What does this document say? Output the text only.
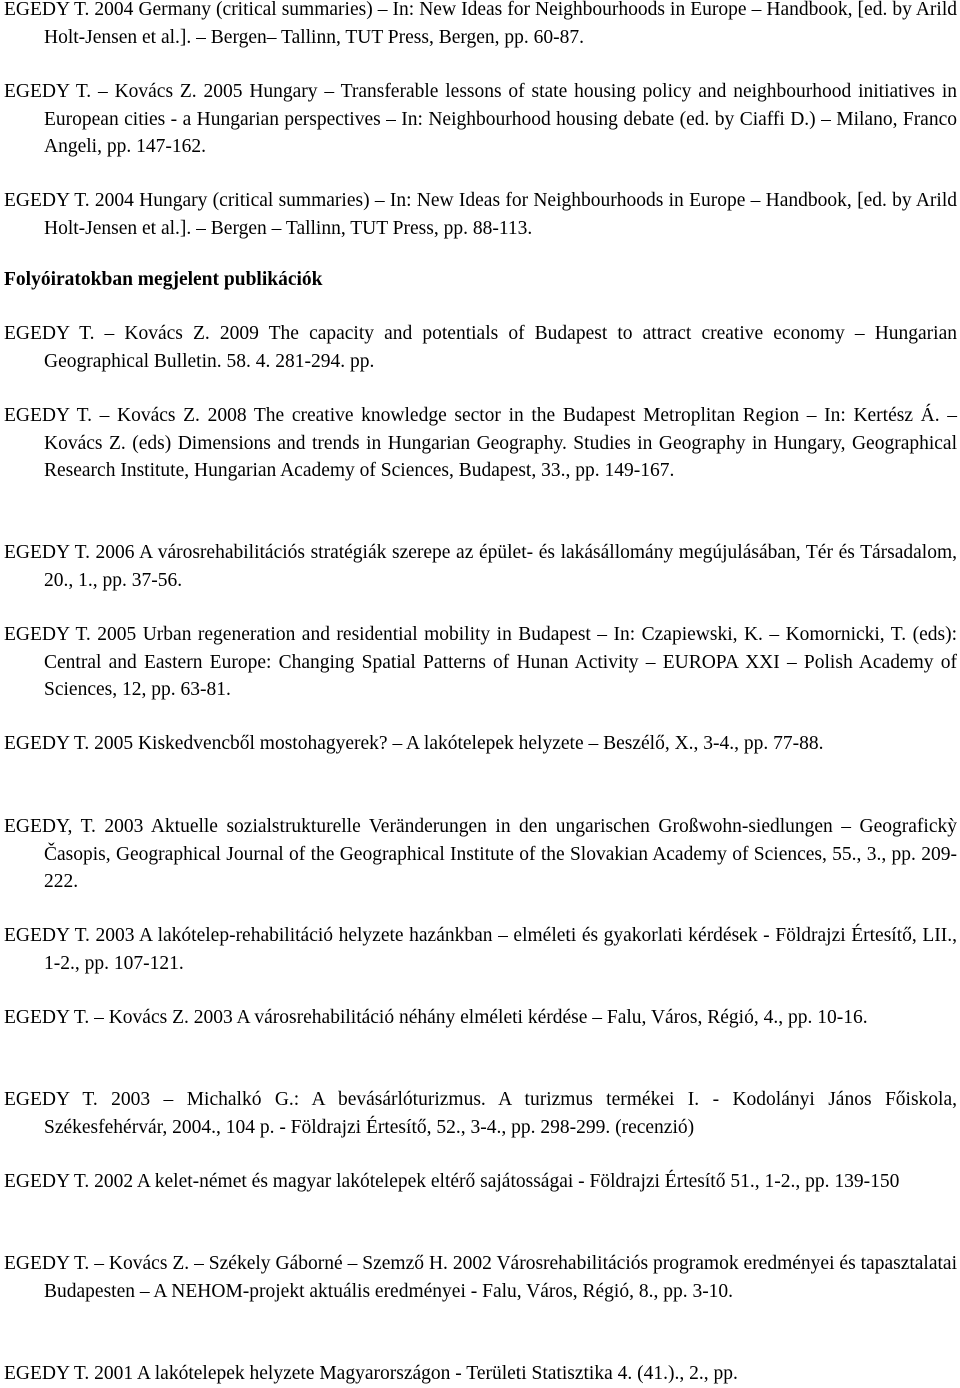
EGEDY T. 2004 Germany (critical summaries) – In: New Ideas for Neighbourhoods in Europe – Handbook, [ed. by Arild Holt-Jensen et al.]. – Bergen– Tallinn, TUT Press, Bergen, pp. 60-87.
EGEDY T. – Kovács Z. 2005 Hungary – Transferable lessons of state housing policy and neighbourhood initiatives in European cities - a Hungarian perspectives – In: Neighbourhood housing debate (ed. by Ciaffi D.) – Milano, Franco Angeli, pp. 147-162.
EGEDY T. 2004 Hungary (critical summaries) – In: New Ideas for Neighbourhoods in Europe – Handbook, [ed. by Arild Holt-Jensen et al.]. – Bergen – Tallinn, TUT Press, pp. 88-113.
Folyóiratokban megjelent publikációk
EGEDY T. – Kovács Z. 2009 The capacity and potentials of Budapest to attract creative economy – Hungarian Geographical Bulletin. 58. 4. 281-294. pp.
EGEDY T. – Kovács Z. 2008 The creative knowledge sector in the Budapest Metroplitan Region – In: Kertész Á. – Kovács Z. (eds) Dimensions and trends in Hungarian Geography. Studies in Geography in Hungary, Geographical Research Institute, Hungarian Academy of Sciences, Budapest, 33., pp. 149-167.
EGEDY T. 2006 A városrehabilitációs stratégiák szerepe az épület- és lakásállomány megújulásában, Tér és Társadalom, 20., 1., pp. 37-56.
EGEDY T. 2005 Urban regeneration and residential mobility in Budapest – In: Czapiewski, K. – Komornicki, T. (eds): Central and Eastern Europe: Changing Spatial Patterns of Hunan Activity – EUROPA XXI – Polish Academy of Sciences, 12, pp. 63-81.
EGEDY T. 2005 Kiskedvencből mostohagyerek? – A lakótelepek helyzete – Beszélő, X., 3-4., pp. 77-88.
EGEDY, T. 2003 Aktuelle sozialstrukturelle Veränderungen in den ungarischen Großwohn-siedlungen – Geografickỳ Časopis, Geographical Journal of the Geographical Institute of the Slovakian Academy of Sciences, 55., 3., pp. 209-222.
EGEDY T. 2003 A lakótelep-rehabilitáció helyzete hazánkban – elméleti és gyakorlati kérdések - Földrajzi Értesítő, LII., 1-2., pp. 107-121.
EGEDY T. – Kovács Z. 2003 A városrehabilitáció néhány elméleti kérdése – Falu, Város, Régió, 4., pp. 10-16.
EGEDY T. 2003 – Michalkó G.: A bevásárlóturizmus. A turizmus termékei I. - Kodolányi János Főiskola, Székesfehérvár, 2004., 104 p. - Földrajzi Értesítő, 52., 3-4., pp. 298-299. (recenzió)
EGEDY T. 2002 A kelet-német és magyar lakótelepek eltérő sajátosságai - Földrajzi Értesítő 51., 1-2., pp. 139-150
EGEDY T. – Kovács Z. – Székely Gáborné – Szemző H. 2002 Városrehabilitációs programok eredményei és tapasztalatai Budapesten – A NEHOM-projekt aktuális eredményei - Falu, Város, Régió, 8., pp. 3-10.
EGEDY T. 2001 A lakótelepek helyzete Magyarországon - Területi Statisztika 4. (41.)., 2., pp.
